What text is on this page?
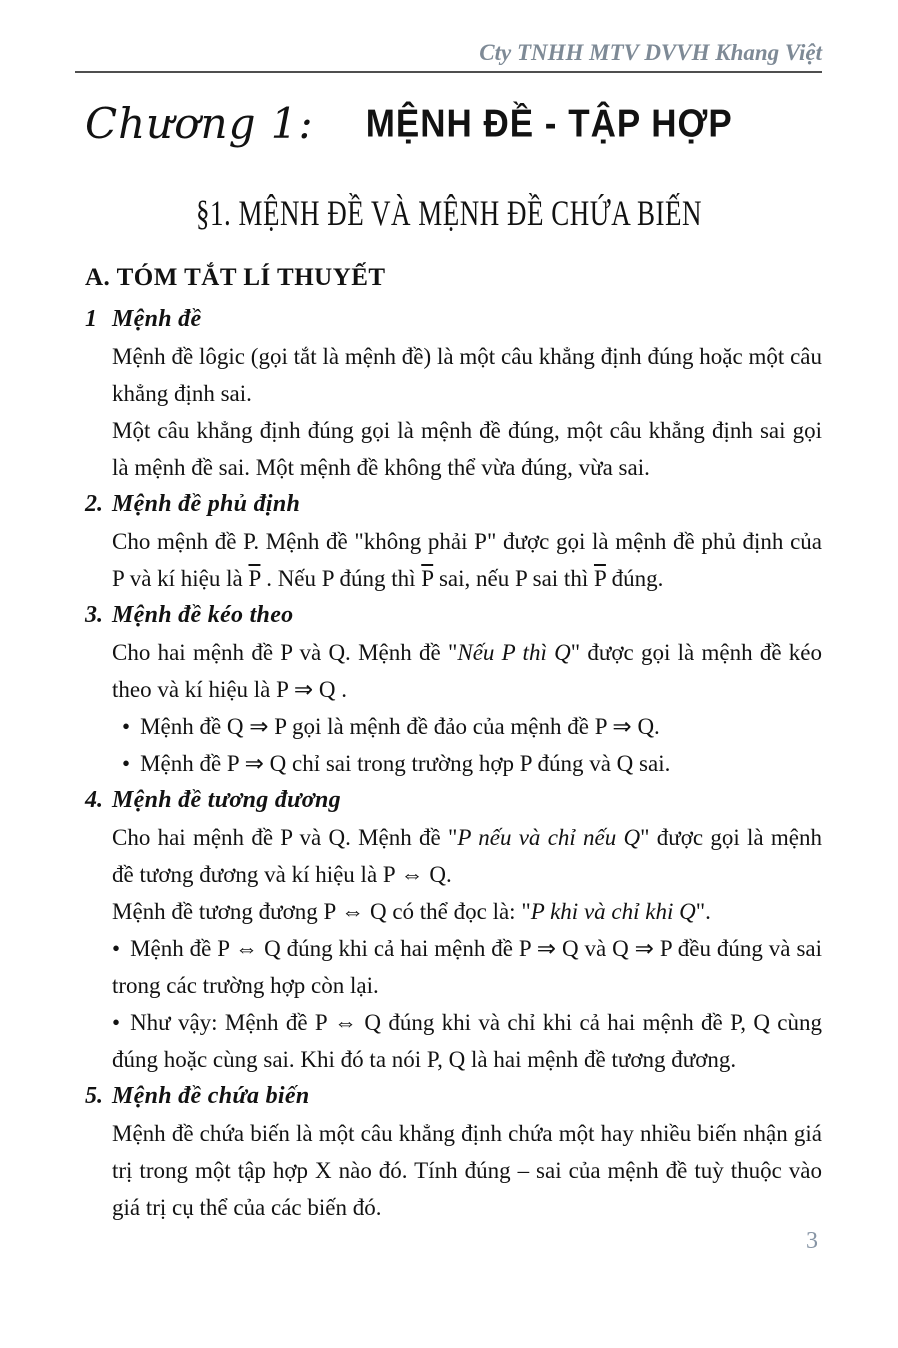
Cty TNHH MTV DVVH Khang Việt
Chương 1: MỆNH ĐỀ - TẬP HỢP
§1. MỆNH ĐỀ VÀ MỆNH ĐỀ CHỨA BIẾN
A. TÓM TẮT LÍ THUYẾT
1 Mệnh đề
Mệnh đề lôgic (gọi tắt là mệnh đề) là một câu khẳng định đúng hoặc một câu khẳng định sai.
Một câu khẳng định đúng gọi là mệnh đề đúng, một câu khẳng định sai gọi là mệnh đề sai. Một mệnh đề không thể vừa đúng, vừa sai.
2. Mệnh đề phủ định
Cho mệnh đề P. Mệnh đề "không phải P" được gọi là mệnh đề phủ định của P và kí hiệu là $\overline{P}$ . Nếu P đúng thì $\overline{P}$ sai, nếu P sai thì $\overline{P}$ đúng.
3. Mệnh đề kéo theo
Cho hai mệnh đề P và Q. Mệnh đề "Nếu P thì Q" được gọi là mệnh đề kéo theo và kí hiệu là P ⇒ Q .
• Mệnh đề Q ⇒ P gọi là mệnh đề đảo của mệnh đề P ⇒ Q.
• Mệnh đề P ⇒ Q chỉ sai trong trường hợp P đúng và Q sai.
4. Mệnh đề tương đương
Cho hai mệnh đề P và Q. Mệnh đề "P nếu và chỉ nếu Q" được gọi là mệnh đề tương đương và kí hiệu là P ⇔ Q.
Mệnh đề tương đương P ⇔ Q có thể đọc là: "P khi và chỉ khi Q".
• Mệnh đề P ⇔ Q đúng khi cả hai mệnh đề P ⇒ Q và Q ⇒ P đều đúng và sai trong các trường hợp còn lại.
• Như vậy: Mệnh đề P ⇔ Q đúng khi và chỉ khi cả hai mệnh đề P, Q cùng đúng hoặc cùng sai. Khi đó ta nói P, Q là hai mệnh đề tương đương.
5. Mệnh đề chứa biến
Mệnh đề chứa biến là một câu khẳng định chứa một hay nhiều biến nhận giá trị trong một tập hợp X nào đó. Tính đúng – sai của mệnh đề tuỳ thuộc vào giá trị cụ thể của các biến đó.
3
